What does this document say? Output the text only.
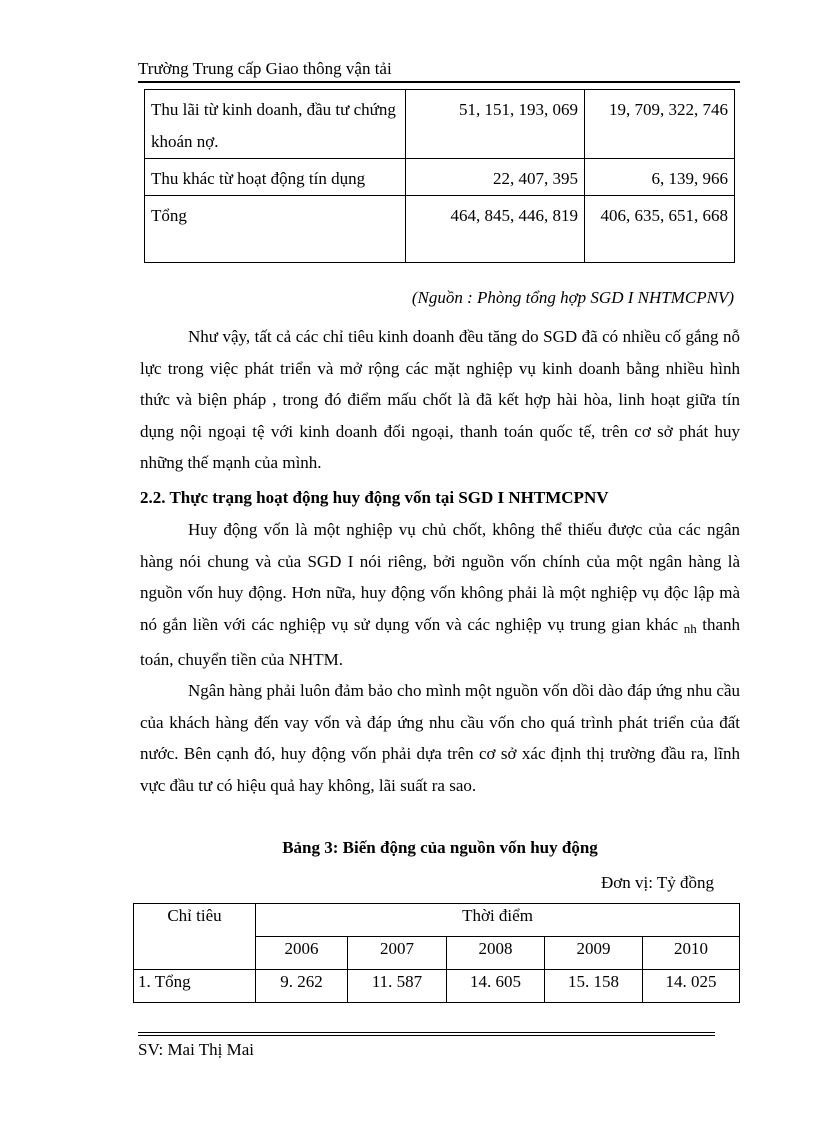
Trường Trung cấp Giao thông vận tải
Thu lãi từ kinh doanh, đầu tư chứng khoán nợ.	51, 151, 193, 069	19, 709, 322, 746
Thu khác từ hoạt động tín dụng	22, 407, 395	6, 139, 966
Tổng	464, 845, 446, 819	406, 635, 651, 668
(Nguồn : Phòng tổng hợp SGD I NHTMCPNV)

Như vậy, tất cả các chỉ tiêu kinh doanh đều tăng do SGD đã có nhiều cố gắng nỗ lực trong việc phát triển và mở rộng các mặt nghiệp vụ kinh doanh bằng nhiều hình thức và biện pháp , trong đó điểm mấu chốt là đã kết hợp hài hòa, linh hoạt giữa tín dụng nội ngoại tệ với kinh doanh đối ngoại, thanh toán quốc tế, trên cơ sở phát huy những thế mạnh của mình.

2.2. Thực trạng hoạt động huy động vốn tại SGD I NHTMCPNV

Huy động vốn là một nghiệp vụ chủ chốt, không thể thiếu được của các ngân hàng nói chung và của SGD I nói riêng, bởi nguồn vốn chính của một ngân hàng là nguồn vốn huy động. Hơn nữa, huy động vốn không phải là một nghiệp vụ độc lập mà nó gắn liền với các nghiệp vụ sử dụng vốn và các nghiệp vụ trung gian khác $_{nh}$ thanh toán, chuyển tiền của NHTM.

Ngân hàng phải luôn đảm bảo cho mình một nguồn vốn dồi dào đáp ứng nhu cầu của khách hàng đến vay vốn và đáp ứng nhu cầu vốn cho quá trình phát triển của đất nước. Bên cạnh đó, huy động vốn phải dựa trên cơ sở xác định thị trường đầu ra, lĩnh vực đầu tư có hiệu quả hay không, lãi suất ra sao.

Bảng 3: Biến động của nguồn vốn huy động
Đơn vị: Tỷ đồng
Chỉ tiêu	Thời điểm				
	2006	2007	2008	2009	2010
1. Tổng	9. 262	11. 587	14. 605	15. 158	14. 025
SV: Mai Thị Mai
